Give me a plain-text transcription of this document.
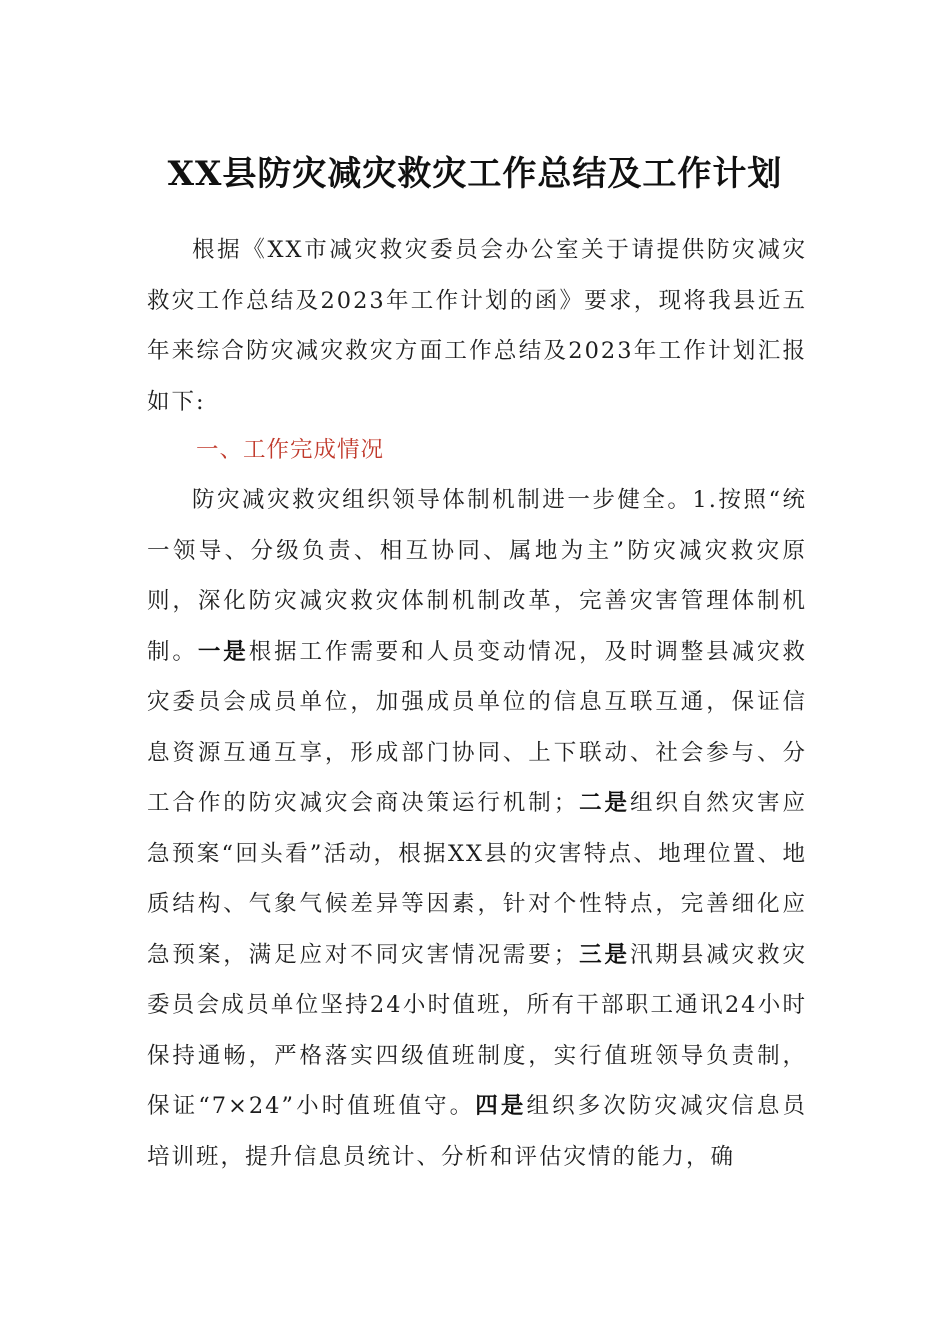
XX县防灾减灾救灾工作总结及工作计划

根据《XX市减灾救灾委员会办公室关于请提供防灾减灾救灾工作总结及2023年工作计划的函》要求，现将我县近五年来综合防灾减灾救灾方面工作总结及2023年工作计划汇报如下:

一、工作完成情况

防灾减灾救灾组织领导体制机制进一步健全。1.按照“统一领导、分级负责、相互协同、属地为主”防灾减灾救灾原则，深化防灾减灾救灾体制机制改革，完善灾害管理体制机制。一是根据工作需要和人员变动情况，及时调整县减灾救灾委员会成员单位，加强成员单位的信息互联互通，保证信息资源互通互享，形成部门协同、上下联动、社会参与、分工合作的防灾减灾会商决策运行机制；二是组织自然灾害应急预案“回头看”活动，根据XX县的灾害特点、地理位置、地质结构、气象气候差异等因素，针对个性特点，完善细化应急预案，满足应对不同灾害情况需要；三是汛期县减灾救灾委员会成员单位坚持24小时值班，所有干部职工通讯24小时保持通畅，严格落实四级值班制度，实行值班领导负责制，保证“7×24”小时值班值守。四是组织多次防灾减灾信息员培训班，提升信息员统计、分析和评估灾情的能力，确
